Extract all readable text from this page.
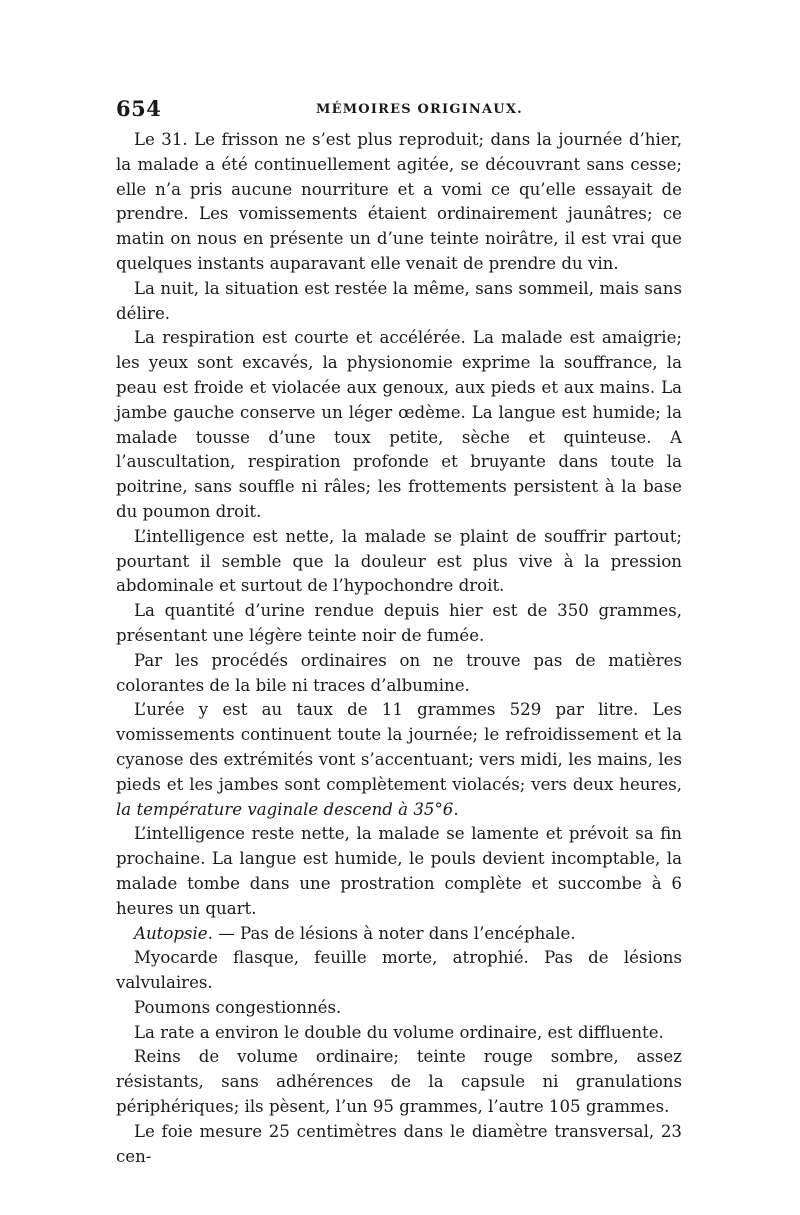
654	MÉMOIRES ORIGINAUX.

Le 31. Le frisson ne s’est plus reproduit; dans la journée d’hier, la malade a été continuellement agitée, se découvrant sans cesse; elle n’a pris aucune nourriture et a vomi ce qu’elle essayait de prendre. Les vomissements étaient ordinairement jaunâtres; ce matin on nous en présente un d’une teinte noirâtre, il est vrai que quelques instants auparavant elle venait de prendre du vin.

La nuit, la situation est restée la même, sans sommeil, mais sans délire.

La respiration est courte et accélérée. La malade est amaigrie; les yeux sont excavés, la physionomie exprime la souffrance, la peau est froide et violacée aux genoux, aux pieds et aux mains. La jambe gauche conserve un léger œdème. La langue est humide; la malade tousse d’une toux petite, sèche et quinteuse. A l’auscultation, respiration profonde et bruyante dans toute la poitrine, sans souffle ni râles; les frottements persistent à la base du poumon droit.

L’intelligence est nette, la malade se plaint de souffrir partout; pourtant il semble que la douleur est plus vive à la pression abdominale et surtout de l’hypochondre droit.

La quantité d’urine rendue depuis hier est de 350 grammes, présentant une légère teinte noir de fumée.

Par les procédés ordinaires on ne trouve pas de matières colorantes de la bile ni traces d’albumine.

L’urée y est au taux de 11 grammes 529 par litre. Les vomissements continuent toute la journée; le refroidissement et la cyanose des extrémités vont s’accentuant; vers midi, les mains, les pieds et les jambes sont complètement violacés; vers deux heures, la température vaginale descend à 35°6.

L’intelligence reste nette, la malade se lamente et prévoit sa fin prochaine. La langue est humide, le pouls devient incomptable, la malade tombe dans une prostration complète et succombe à 6 heures un quart.

Autopsie. — Pas de lésions à noter dans l’encéphale.

Myocarde flasque, feuille morte, atrophié. Pas de lésions valvulaires.

Poumons congestionnés.

La rate a environ le double du volume ordinaire, est diffluente.

Reins de volume ordinaire; teinte rouge sombre, assez résistants, sans adhérences de la capsule ni granulations périphériques; ils pèsent, l’un 95 grammes, l’autre 105 grammes.

Le foie mesure 25 centimètres dans le diamètre transversal, 23 cen-
